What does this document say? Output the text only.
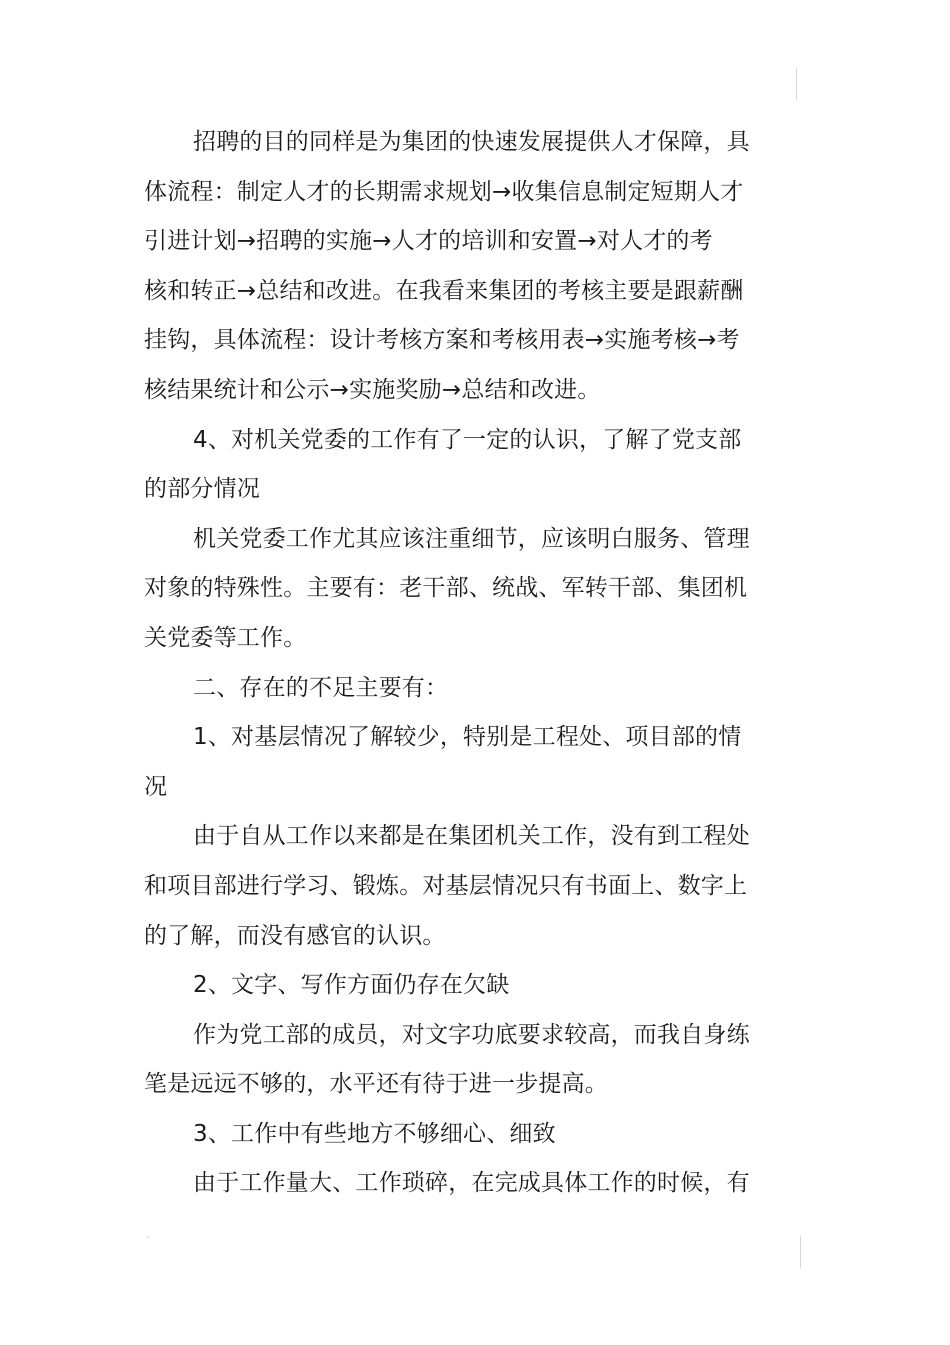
招聘的目的同样是为集团的快速发展提供人才保障，具
体流程：制定人才的长期需求规划→收集信息制定短期人才
引进计划→招聘的实施→人才的培训和安置→对人才的考
核和转正→总结和改进。在我看来集团的考核主要是跟薪酬
挂钩，具体流程：设计考核方案和考核用表→实施考核→考
核结果统计和公示→实施奖励→总结和改进。

4、对机关党委的工作有了一定的认识，了解了党支部
的部分情况

机关党委工作尤其应该注重细节，应该明白服务、管理
对象的特殊性。主要有：老干部、统战、军转干部、集团机
关党委等工作。

二、存在的不足主要有：

1、对基层情况了解较少，特别是工程处、项目部的情
况

由于自从工作以来都是在集团机关工作，没有到工程处
和项目部进行学习、锻炼。对基层情况只有书面上、数字上
的了解，而没有感官的认识。

2、文字、写作方面仍存在欠缺

作为党工部的成员，对文字功底要求较高，而我自身练
笔是远远不够的，水平还有待于进一步提高。

3、工作中有些地方不够细心、细致

由于工作量大、工作琐碎，在完成具体工作的时候，有
